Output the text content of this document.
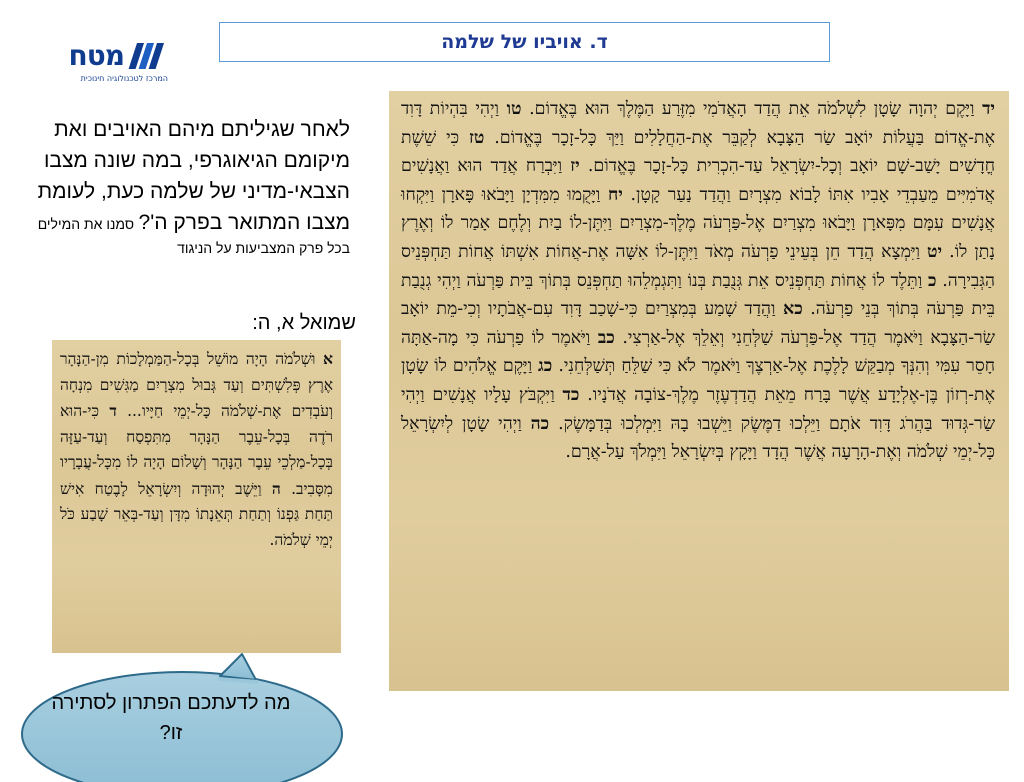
מטח
המרכז לטכנולוגיה חינוכית
ד. אויביו של שלמה
לאחר שגיליתם מיהם האויבים ואת מיקומם הגיאוגרפי, במה שונה מצבו הצבאי-מדיני של שלמה כעת, לעומת מצבו המתואר בפרק ה'? סמנו את המילים בכל פרק המצביעות על הניגוד
שמואל א, ה:
א וּשְׁלֹמֹה הָיָה מוֹשֵׁל בְּכָל-הַמַּמְלָכוֹת מִן-הַנָּהָר אֶרֶץ פְּלִשְׁתִּים וְעַד גְּבוּל מִצְרָיִם מַגִּשִׁים מִנְחָה וְעֹבְדִים אֶת-שְׁלֹמֹה כָּל-יְמֵי חַיָּיו... ד כִּי-הוּא רֹדֶה בְּכָל-עֵבֶר הַנָּהָר מִתִּפְסַח וְעַד-עַזָּה בְּכָל-מַלְכֵי עֵבֶר הַנָּהָר וְשָׁלוֹם הָיָה לוֹ מִכָּל-עֲבָרָיו מִסָּבִיב. ה וַיֵּשֶׁב יְהוּדָה וְיִשְׂרָאֵל לָבֶטַח אִישׁ תַּחַת גַּפְנוֹ וְתַחַת תְּאֵנָתוֹ מִדָּן וְעַד-בְּאֵר שָׁבַע כֹּל יְמֵי שְׁלֹמֹה.
יד וַיָּקֶם יְהוָה שָׂטָן לִשְׁלֹמֹה אֵת הֲדַד הָאֲדֹמִי מִזֶּרַע הַמֶּלֶךְ הוּא בֶּאֱדוֹם. טו וַיְהִי בִּהְיוֹת דָּוִד אֶת-אֱדוֹם בַּעֲלוֹת יוֹאָב שַׂר הַצָּבָא לְקַבֵּר אֶת-הַחֲלָלִים וַיַּךְ כָּל-זָכָר בֶּאֱדוֹם. טז כִּי שֵׁשֶׁת חֳדָשִׁים יָשַׁב-שָׁם יוֹאָב וְכָל-יִשְׂרָאֵל עַד-הִכְרִית כָּל-זָכָר בֶּאֱדוֹם. יז וַיִּבְרַח אֲדַד הוּא וַאֲנָשִׁים אֲדֹמִיִּים מֵעַבְדֵי אָבִיו אִתּוֹ לָבוֹא מִצְרָיִם וַהֲדַד נַעַר קָטָן. יח וַיָּקֻמוּ מִמִּדְיָן וַיָּבֹאוּ פָּארָן וַיִּקְחוּ אֲנָשִׁים עִמָּם מִפָּארָן וַיָּבֹאוּ מִצְרַיִם אֶל-פַּרְעֹה מֶלֶךְ-מִצְרַיִם וַיִּתֶּן-לוֹ בַיִת וְלֶחֶם אָמַר לוֹ וְאֶרֶץ נָתַן לוֹ. יט וַיִּמְצָא הֲדַד חֵן בְּעֵינֵי פַרְעֹה מְאֹד וַיִּתֶּן-לוֹ אִשָּׁה אֶת-אֲחוֹת אִשְׁתּוֹ אֲחוֹת תַּחְפְּנֵיס הַגְּבִירָה. כ וַתֵּלֶד לוֹ אֲחוֹת תַּחְפְּנֵיס אֵת גְּנֻבַת בְּנוֹ וַתִּגְמְלֵהוּ תַחְפְּנֵס בְּתוֹךְ בֵּית פַּרְעֹה וַיְהִי גְנֻבַת בֵּית פַּרְעֹה בְּתוֹךְ בְּנֵי פַרְעֹה. כא וַהֲדַד שָׁמַע בְּמִצְרַיִם כִּי-שָׁכַב דָּוִד עִם-אֲבֹתָיו וְכִי-מֵת יוֹאָב שַׂר-הַצָּבָא וַיֹּאמֶר הֲדַד אֶל-פַּרְעֹה שַׁלְּחֵנִי וְאֵלֵךְ אֶל-אַרְצִי. כב וַיֹּאמֶר לוֹ פַרְעֹה כִּי מָה-אַתָּה חָסֵר עִמִּי וְהִנְּךָ מְבַקֵּשׁ לָלֶכֶת אֶל-אַרְצֶךָ וַיֹּאמֶר לֹא כִּי שַׁלֵּחַ תְּשַׁלְּחֵנִי. כג וַיָּקֶם אֱלֹהִים לוֹ שָׂטָן אֶת-רְזוֹן בֶּן-אֶלְיָדָע אֲשֶׁר בָּרַח מֵאֵת הֲדַדְעֶזֶר מֶלֶךְ-צוֹבָה אֲדֹנָיו. כד וַיִּקְבֹּץ עָלָיו אֲנָשִׁים וַיְהִי שַׂר-גְּדוּד בַּהֲרֹג דָּוִד אֹתָם וַיֵּלְכוּ דַמֶּשֶׂק וַיֵּשְׁבוּ בָהּ וַיִּמְלְכוּ בְּדַמָּשֶׂק. כה וַיְהִי שָׂטָן לְיִשְׂרָאֵל כָּל-יְמֵי שְׁלֹמֹה וְאֶת-הָרָעָה אֲשֶׁר הֲדָד וַיָּקָץ בְּיִשְׂרָאֵל וַיִּמְלֹךְ עַל-אֲרָם.
מה לדעתכם הפתרון לסתירה זו?
